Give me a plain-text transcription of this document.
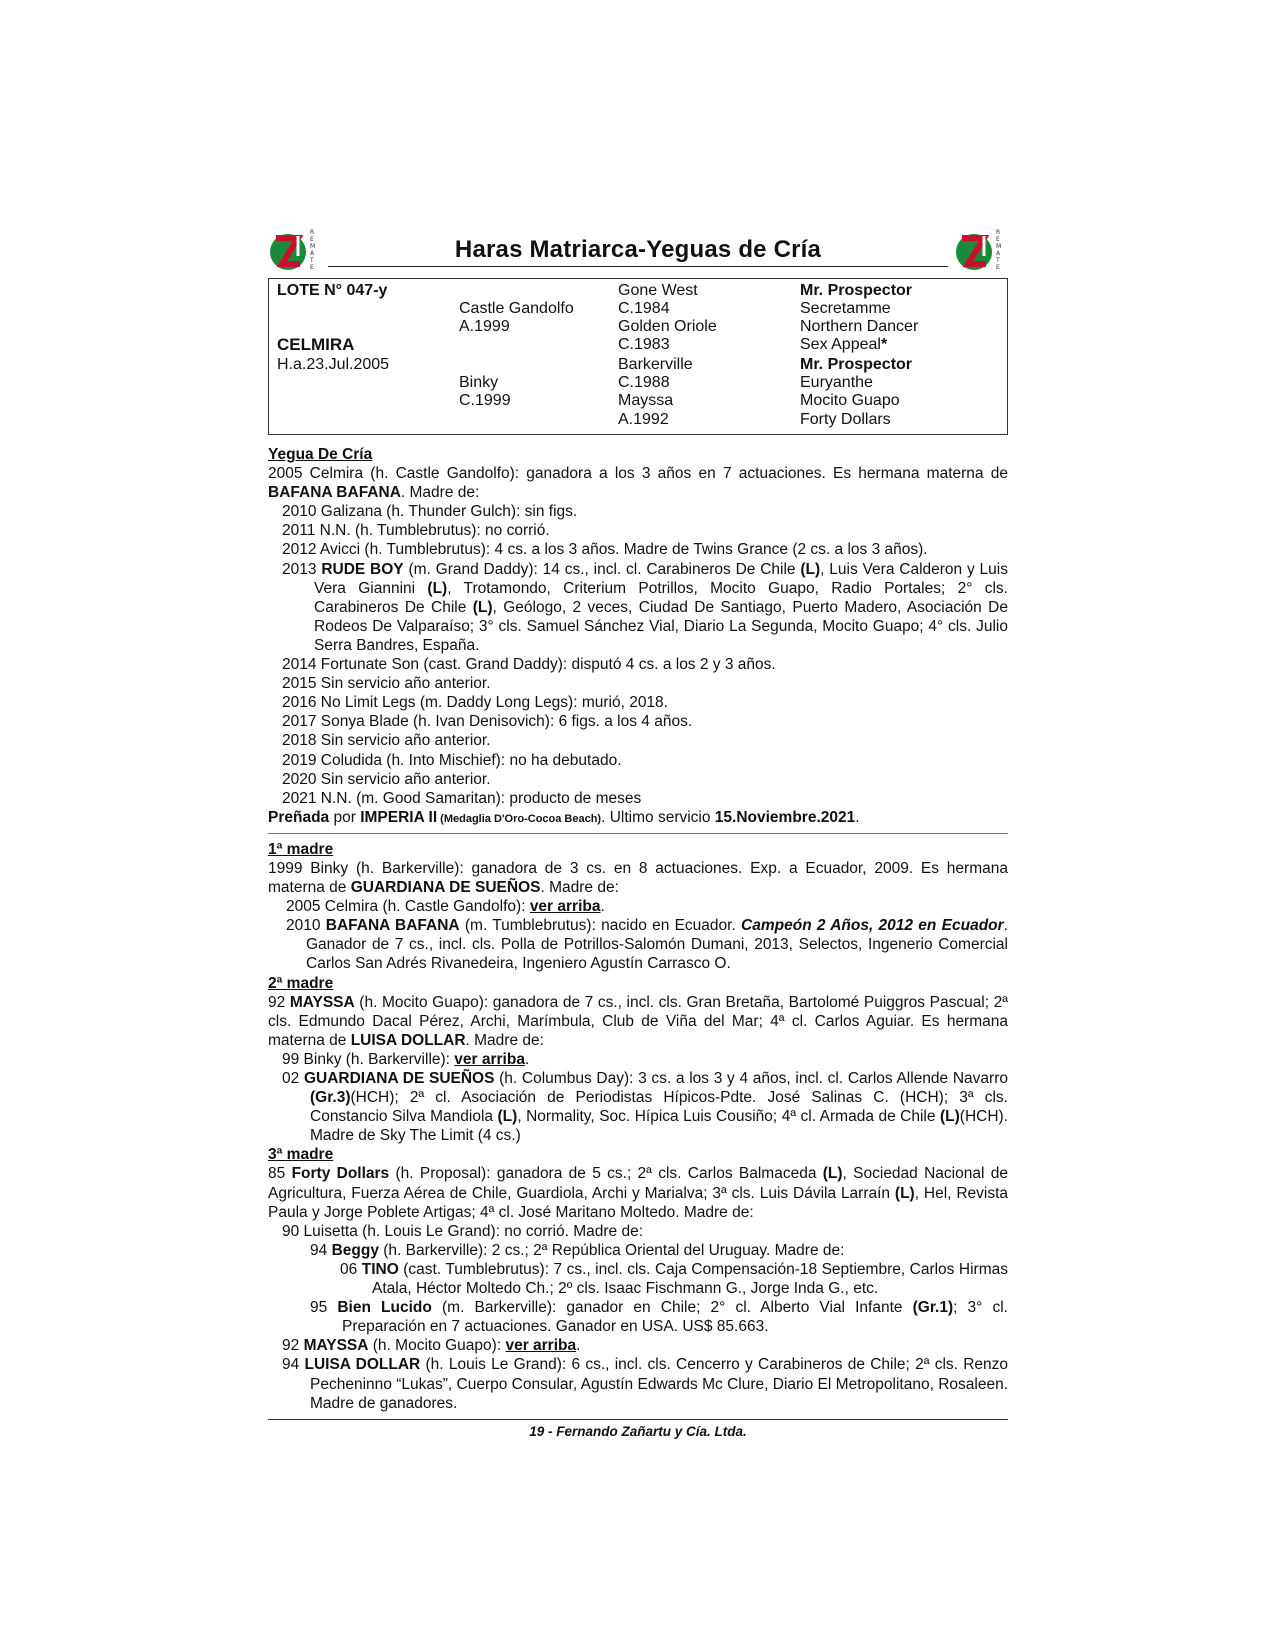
R
E
M
A
T
E
Haras Matriarca-Yeguas de Cría
R
E
M
A
T
E
LOTE N° 047-y
CELMIRA
H.a.23.Jul.2005
Castle Gandolfo
A.1999
Binky
C.1999
Gone West
C.1984
Golden Oriole
C.1983
Barkerville
C.1988
Mayssa
A.1992
Mr. Prospector
Secretamme
Northern Dancer
Sex Appeal*
Mr. Prospector
Euryanthe
Mocito Guapo
Forty Dollars

Yegua De Cría

2005 Celmira (h. Castle Gandolfo): ganadora a los 3 años en 7 actuaciones. Es hermana materna de BAFANA BAFANA. Madre de:

2010 Galizana (h. Thunder Gulch): sin figs.

2011 N.N. (h. Tumblebrutus): no corrió.

2012 Avicci (h. Tumblebrutus): 4 cs. a los 3 años. Madre de Twins Grance (2 cs. a los 3 años).

2013 RUDE BOY (m. Grand Daddy): 14 cs., incl. cl. Carabineros De Chile (L), Luis Vera Calderon y Luis Vera Giannini (L), Trotamondo, Criterium Potrillos, Mocito Guapo, Radio Portales; 2° cls. Carabineros De Chile (L), Geólogo, 2 veces, Ciudad De Santiago, Puerto Madero, Asociación De Rodeos De Valparaíso; 3° cls. Samuel Sánchez Vial, Diario La Segunda, Mocito Guapo; 4° cls. Julio Serra Bandres, España.

2014 Fortunate Son (cast. Grand Daddy): disputó 4 cs. a los 2 y 3 años.

2015 Sin servicio año anterior.

2016 No Limit Legs (m. Daddy Long Legs): murió, 2018.

2017 Sonya Blade (h. Ivan Denisovich): 6 figs. a los 4 años.

2018 Sin servicio año anterior.

2019 Coludida (h. Into Mischief): no ha debutado.

2020 Sin servicio año anterior.

2021 N.N. (m. Good Samaritan): producto de meses

Preñada por IMPERIA II (Medaglia D'Oro-Cocoa Beach). Ultimo servicio 15.Noviembre.2021.

1ª madre

1999 Binky (h. Barkerville): ganadora de 3 cs. en 8 actuaciones. Exp. a Ecuador, 2009. Es hermana materna de GUARDIANA DE SUEÑOS. Madre de:

2005 Celmira (h. Castle Gandolfo): ver arriba.

2010 BAFANA BAFANA (m. Tumblebrutus): nacido en Ecuador. Campeón 2 Años, 2012 en Ecuador. Ganador de 7 cs., incl. cls. Polla de Potrillos-Salomón Dumani, 2013, Selectos, Ingenerio Comercial Carlos San Adrés Rivanedeira, Ingeniero Agustín Carrasco O.

2ª madre

92 MAYSSA (h. Mocito Guapo): ganadora de 7 cs., incl. cls. Gran Bretaña, Bartolomé Puiggros Pascual; 2ª cls. Edmundo Dacal Pérez, Archi, Marímbula, Club de Viña del Mar; 4ª cl. Carlos Aguiar. Es hermana materna de LUISA DOLLAR. Madre de:

99 Binky (h. Barkerville): ver arriba.

02 GUARDIANA DE SUEÑOS (h. Columbus Day): 3 cs. a los 3 y 4 años, incl. cl. Carlos Allende Navarro (Gr.3)(HCH); 2ª cl. Asociación de Periodistas Hípicos-Pdte. José Salinas C. (HCH); 3ª cls. Constancio Silva Mandiola (L), Normality, Soc. Hípica Luis Cousiño; 4ª cl. Armada de Chile (L)(HCH). Madre de Sky The Limit (4 cs.)

3ª madre

85 Forty Dollars (h. Proposal): ganadora de 5 cs.; 2ª cls. Carlos Balmaceda (L), Sociedad Nacional de Agricultura, Fuerza Aérea de Chile, Guardiola, Archi y Marialva; 3ª cls. Luis Dávila Larraín (L), Hel, Revista Paula y Jorge Poblete Artigas; 4ª cl. José Maritano Moltedo. Madre de:

90 Luisetta (h. Louis Le Grand): no corrió. Madre de:

94 Beggy (h. Barkerville): 2 cs.; 2ª República Oriental del Uruguay. Madre de:

06 TINO (cast. Tumblebrutus): 7 cs., incl. cls. Caja Compensación-18 Septiembre, Carlos Hirmas Atala, Héctor Moltedo Ch.; 2º cls. Isaac Fischmann G., Jorge Inda G., etc.

95 Bien Lucido (m. Barkerville): ganador en Chile; 2° cl. Alberto Vial Infante (Gr.1); 3° cl. Preparación en 7 actuaciones. Ganador en USA. US$ 85.663.

92 MAYSSA (h. Mocito Guapo): ver arriba.

94 LUISA DOLLAR (h. Louis Le Grand): 6 cs., incl. cls. Cencerro y Carabineros de Chile; 2ª cls. Renzo Pecheninno “Lukas”, Cuerpo Consular, Agustín Edwards Mc Clure, Diario El Metropolitano, Rosaleen. Madre de ganadores.

19 - Fernando Zañartu y Cía. Ltda.
